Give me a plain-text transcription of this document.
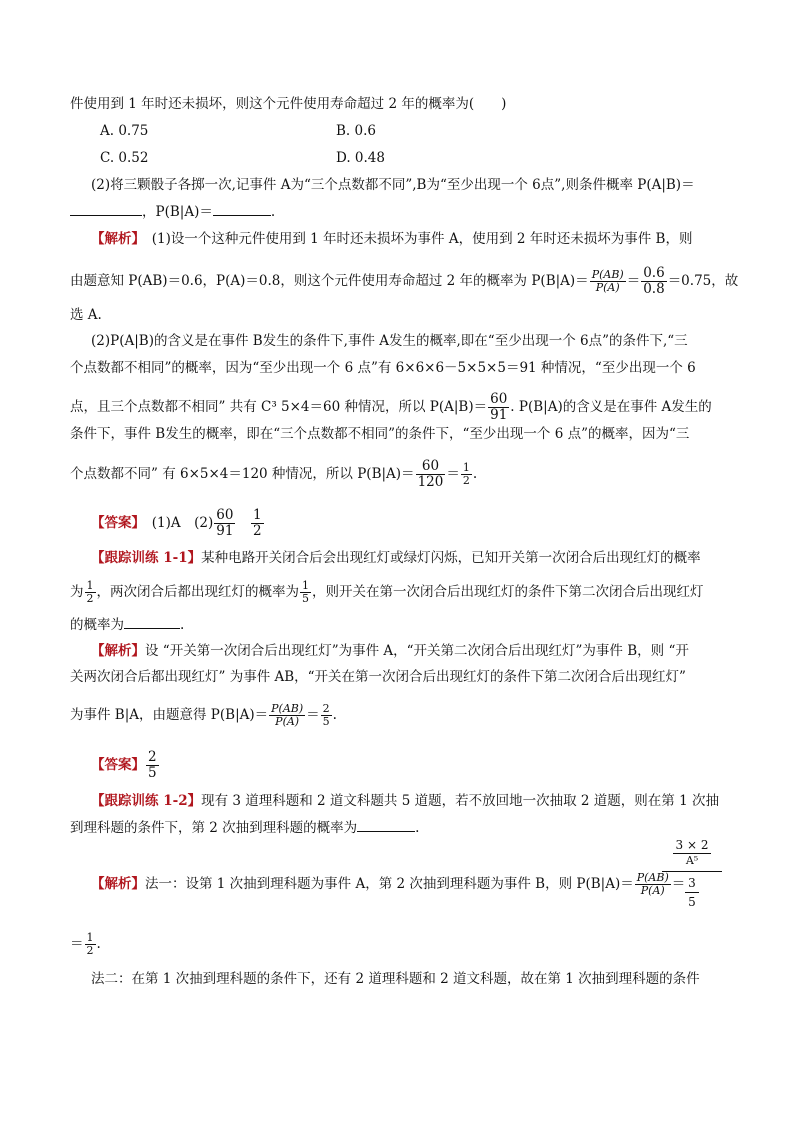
件使用到 1 年时还未损坏，则这个元件使用寿命超过 2 年的概率为(　　)
A. 0.75	B. 0.6
C. 0.52	D. 0.48
(2)将三颗骰子各掷一次,记事件 A为“三个点数都不同”,B为“至少出现一个 6点”,则条件概率 P(A|B)＝
，P(B|A)＝	.
【解析】　 (1)设一个这种元件使用到 1 年时还未损坏为事件 A，使用到 2 年时还未损坏为事件 B，则
由题意知 P(AB)＝0.6，P(A)＝0.8，则这个元件使用寿命超过 2 年的概率为 $P(B|A)= \frac{P(AB)}{P(A)} = \frac{0.6}{0.8} =0.75$，故
选 A.
(2)P(A|B)的含义是在事件 B发生的条件下,事件 A发生的概率,即在“至少出现一个 6点”的条件下,“三
个点数都不相同”的概率，因为“至少出现一个 6 点”有 6×6×6－5×5×5＝91 种情况，“至少出现一个 6
点，且三个点数都不相同” 共有 C³ 5×4＝60 种情况，所以 $P(A|B)= \frac{60}{91}$ . P(B|A)的含义是在事件 A发生的
条件下，事件 B发生的概率，即在“三个点数都不相同”的条件下，“至少出现一个 6 点”的概率，因为“三
个点数都不同” 有 6×5×4＝120 种情况，所以 $P(B|A)= \frac{60}{120} = \frac{1}{2}$ .
【答案】　 (1)A　$(2) \frac{60}{91}$
　 $\frac{1}{2}$
【跟踪训练 1-1】某种电路开关闭合后会出现红灯或绿灯闪烁，已知开关第一次闭合后出现红灯的概率
为 $\frac{1}{2}$ ，两次闭合后都出现红灯的概率为 $\frac{1}{5}$ ，则开关在第一次闭合后出现红灯的条件下第二次闭合后出现红灯
的概率为	.
【解析】设 “开关第一次闭合后出现红灯”为事件 A，“开关第二次闭合后出现红灯”为事件 B，则 “开
关两次闭合后都出现红灯” 为事件 AB，“开关在第一次闭合后出现红灯的条件下第二次闭合后出现红灯”
为事件 B|A，由题意得 $P(B|A)= \frac{P(AB)}{P(A)} = \frac{2}{5}$ .
【答案】 $\frac{2}{5}$
【跟踪训练 1-2】现有 3 道理科题和 2 道文科题共 5 道题，若不放回地一次抽取 2 道题，则在第 1 次抽
到理科题的条件下，第 2 次抽到理科题的概率为	.
【解析】法一：设第 1 次抽到理科题为事件 A，第 2 次抽到理科题为事件 B，则 $P(B|A)= \frac{P(AB)}{P(A)}$ ＝
3 × 2
A⁵
3
5
＝ $\frac{1}{2}$ .
法二：在第 1 次抽到理科题的条件下，还有 2 道理科题和 2 道文科题，故在第 1 次抽到理科题的条件
